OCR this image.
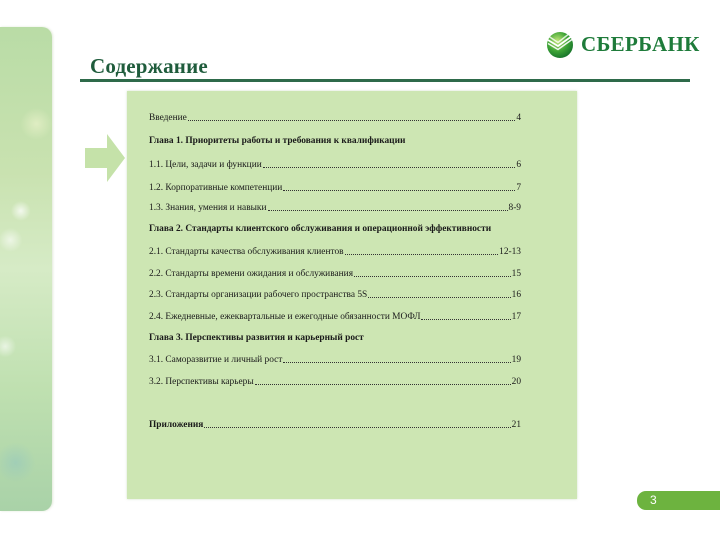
Содержание
СБЕРБАНК
Введение	4
Глава 1. Приоритеты работы и требования к квалификации
1.1. Цели, задачи и функции	6
1.2. Корпоративные компетенции	7
1.3. Знания, умения и навыки	8-9
Глава 2. Стандарты клиентского обслуживания и операционной эффективности
2.1. Стандарты качества обслуживания клиентов	12-13
2.2. Стандарты времени ожидания и обслуживания	15
2.3. Стандарты организации рабочего пространства 5S	16
2.4. Ежедневные, ежеквартальные и ежегодные обязанности МОФЛ	17
Глава 3. Перспективы развития и карьерный рост
3.1. Саморазвитие и личный рост	19
3.2. Перспективы карьеры	20
Приложения	21
3
